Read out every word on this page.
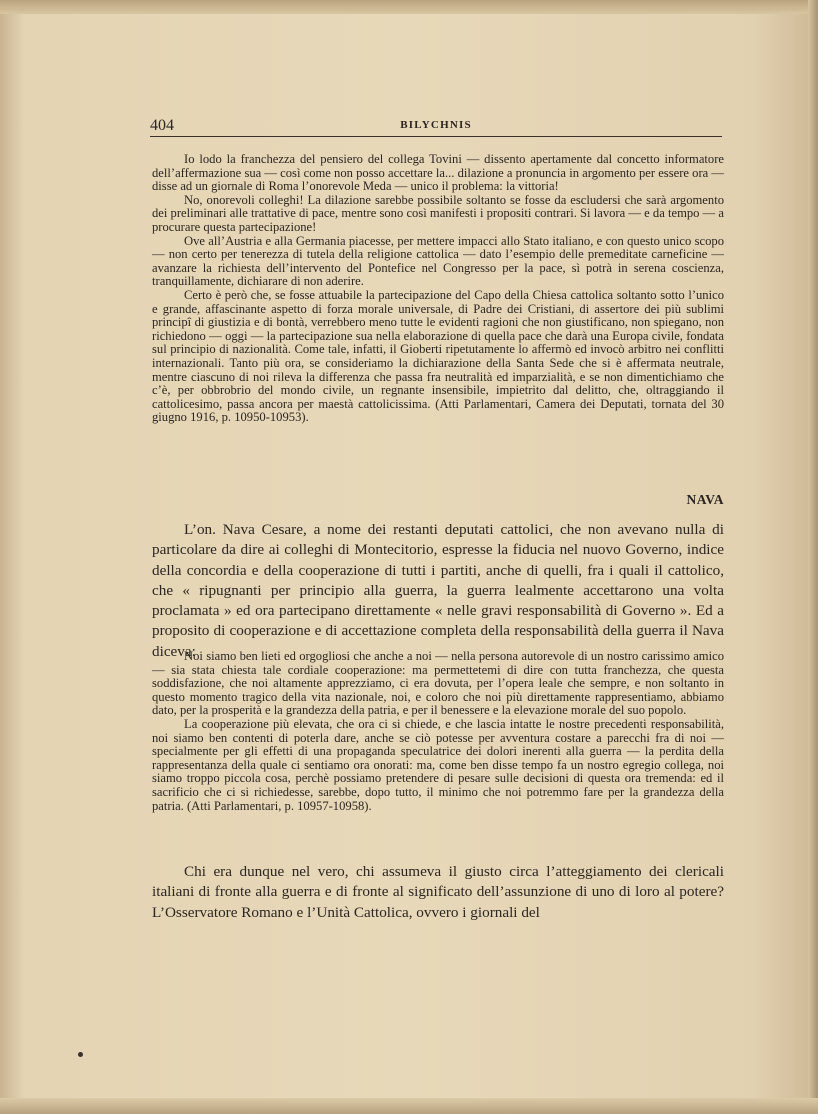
404	BILYCHNIS

Io lodo la franchezza del pensiero del collega Tovini — dissento apertamente dal concetto informatore dell’affermazione sua — così come non posso accettare la... dilazione a pronuncia in argomento per essere ora — disse ad un giornale di Roma l’onorevole Meda — unico il problema: la vittoria!

No, onorevoli colleghi! La dilazione sarebbe possibile soltanto se fosse da escludersi che sarà argomento dei preliminari alle trattative di pace, mentre sono così manifesti i propositi contrari. Si lavora — e da tempo — a procurare questa partecipazione!

Ove all’Austria e alla Germania piacesse, per mettere impacci allo Stato italiano, e con questo unico scopo — non certo per tenerezza di tutela della religione cattolica — dato l’esempio delle premeditate carneficine — avanzare la richiesta dell’intervento del Pontefice nel Congresso per la pace, sì potrà in serena coscienza, tranquillamente, dichiarare di non aderire.

Certo è però che, se fosse attuabile la partecipazione del Capo della Chiesa cattolica soltanto sotto l’unico e grande, affascinante aspetto di forza morale universale, di Padre dei Cristiani, di assertore dei più sublimi principî di giustizia e di bontà, verrebbero meno tutte le evidenti ragioni che non giustificano, non spiegano, non richiedono — oggi — la partecipazione sua nella elaborazione di quella pace che darà una Europa civile, fondata sul principio di nazionalità. Come tale, infatti, il Gioberti ripetutamente lo affermò ed invocò arbitro nei conflitti internazionali. Tanto più ora, se consideriamo la dichiarazione della Santa Sede che si è affermata neutrale, mentre ciascuno di noi rileva la differenza che passa fra neutralità ed imparzialità, e se non dimentichiamo che c’è, per obbrobrio del mondo civile, un regnante insensibile, impietrito dal delitto, che, oltraggiando il cattolicesimo, passa ancora per maestà cattolicissima. (Atti Parlamentari, Camera dei Deputati, tornata del 30 giugno 1916, p. 10950-10953).

NAVA

L’on. Nava Cesare, a nome dei restanti deputati cattolici, che non avevano nulla di particolare da dire ai colleghi di Montecitorio, espresse la fiducia nel nuovo Governo, indice della concordia e della cooperazione di tutti i partiti, anche di quelli, fra i quali il cattolico, che « ripugnanti per principio alla guerra, la guerra lealmente accettarono una volta proclamata » ed ora partecipano direttamente « nelle gravi responsabilità di Governo ». Ed a proposito di cooperazione e di accettazione completa della responsabilità della guerra il Nava diceva:

Noi siamo ben lieti ed orgogliosi che anche a noi — nella persona autorevole di un nostro carissimo amico — sia stata chiesta tale cordiale cooperazione: ma permettetemi di dire con tutta franchezza, che questa soddisfazione, che noi altamente apprezziamo, ci era dovuta, per l’opera leale che sempre, e non soltanto in questo momento tragico della vita nazionale, noi, e coloro che noi più direttamente rappresentiamo, abbiamo dato, per la prosperità e la grandezza della patria, e per il benessere e la elevazione morale del suo popolo.

La cooperazione più elevata, che ora ci si chiede, e che lascia intatte le nostre precedenti responsabilità, noi siamo ben contenti di poterla dare, anche se ciò potesse per avventura costare a parecchi fra di noi — specialmente per gli effetti di una propaganda speculatrice dei dolori inerenti alla guerra — la perdita della rappresentanza della quale ci sentiamo ora onorati: ma, come ben disse tempo fa un nostro egregio collega, noi siamo troppo piccola cosa, perchè possiamo pretendere di pesare sulle decisioni di questa ora tremenda: ed il sacrificio che ci si richiedesse, sarebbe, dopo tutto, il minimo che noi potremmo fare per la grandezza della patria. (Atti Parlamentari, p. 10957-10958).

Chi era dunque nel vero, chi assumeva il giusto circa l’atteggiamento dei clericali italiani di fronte alla guerra e di fronte al significato dell’assunzione di uno di loro al potere? L’Osservatore Romano e l’Unità Cattolica, ovvero i giornali del
